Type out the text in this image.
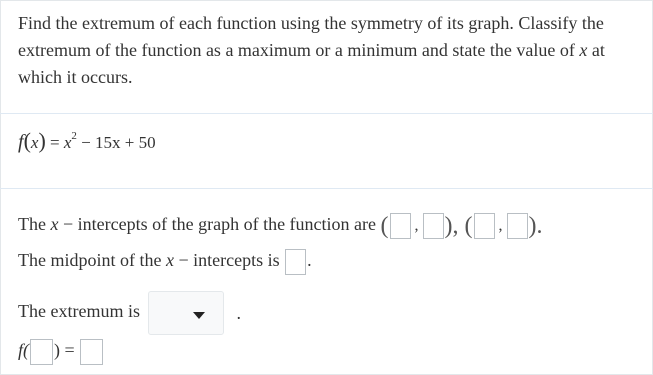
Find the extremum of each function using the symmetry of its graph. Classify the extremum of the function as a maximum or a minimum and state the value of x at which it occurs.
$f(x) = x^2 - 15x + 50$
The x − intercepts of the graph of the function are ( , ), ( , ).
The midpoint of the x − intercepts is .
The extremum is	.
f( ) =
